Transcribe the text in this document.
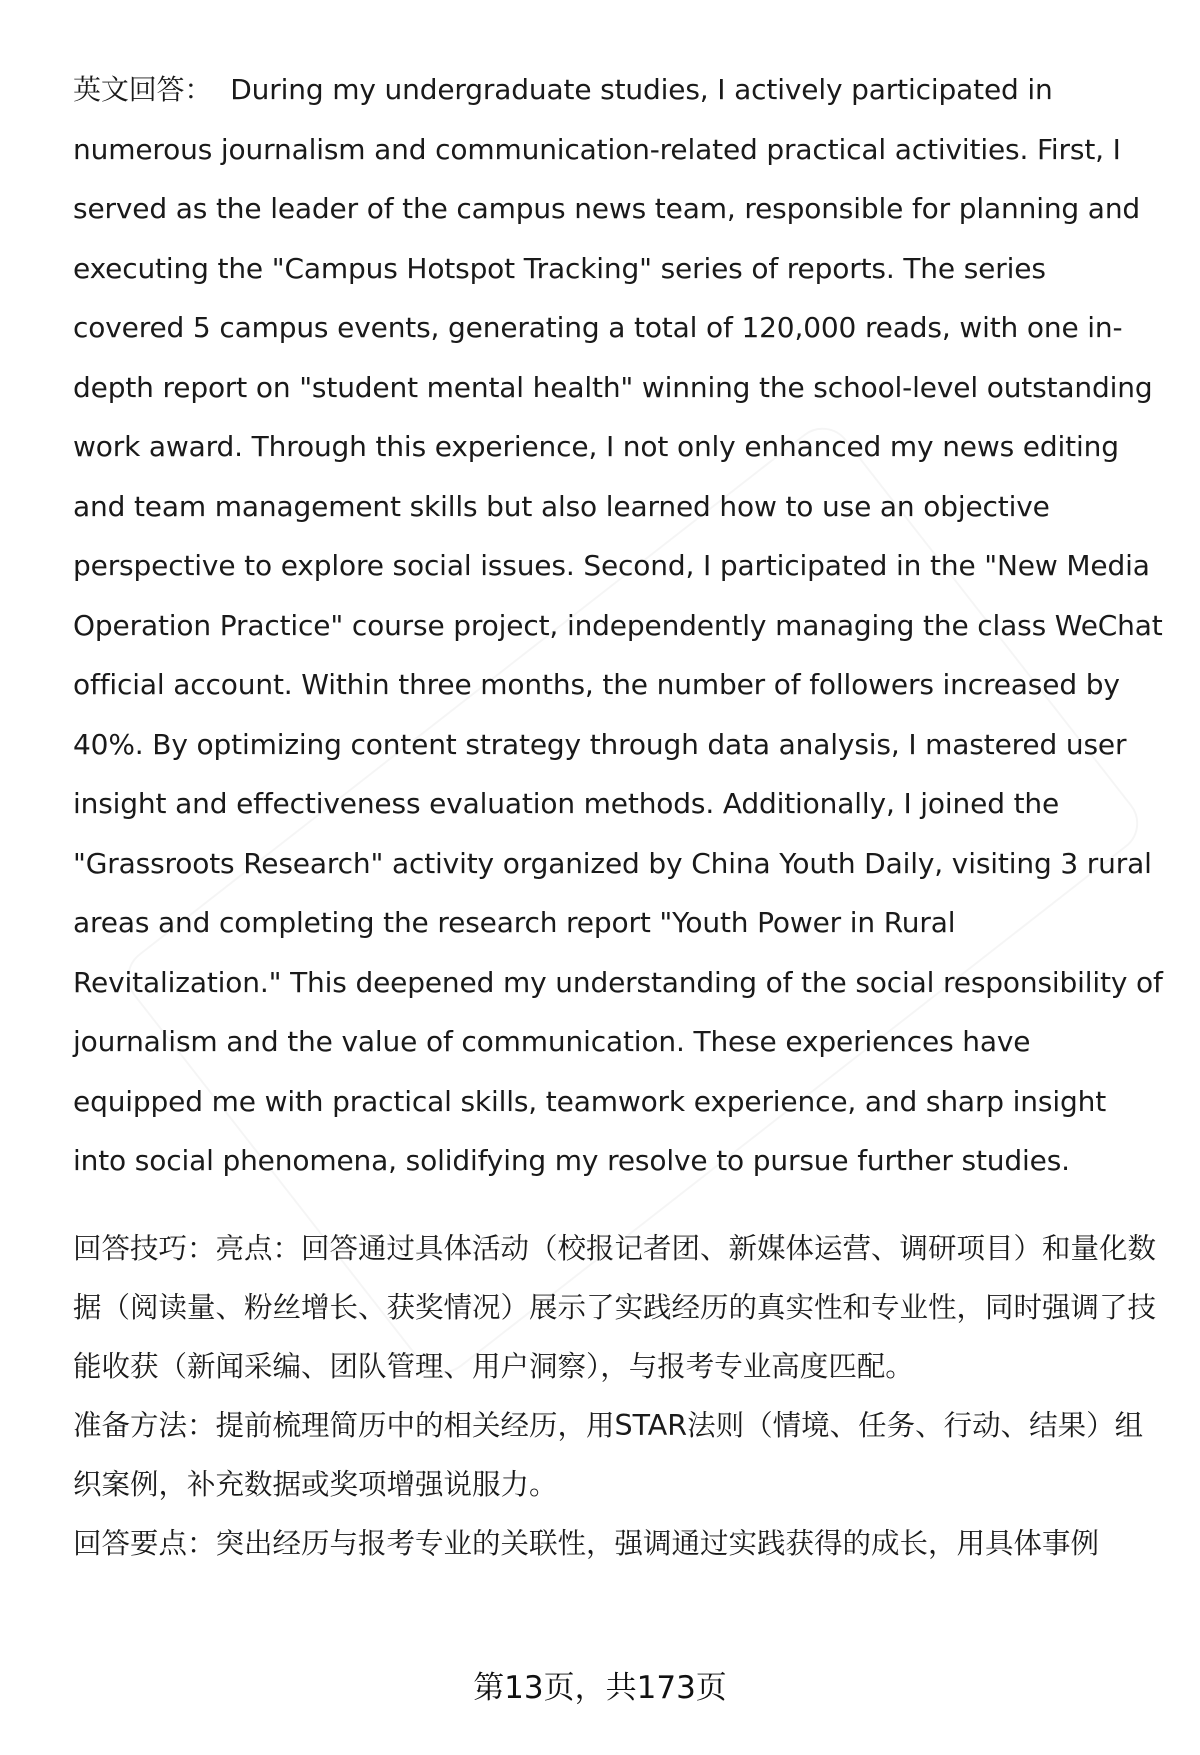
英文回答： During my undergraduate studies, I actively participated in numerous journalism and communication-related practical activities. First, I served as the leader of the campus news team, responsible for planning and executing the "Campus Hotspot Tracking" series of reports. The series covered 5 campus events, generating a total of 120,000 reads, with one in-depth report on "student mental health" winning the school-level outstanding work award. Through this experience, I not only enhanced my news editing and team management skills but also learned how to use an objective perspective to explore social issues. Second, I participated in the "New Media Operation Practice" course project, independently managing the class WeChat official account. Within three months, the number of followers increased by 40%. By optimizing content strategy through data analysis, I mastered user insight and effectiveness evaluation methods. Additionally, I joined the "Grassroots Research" activity organized by China Youth Daily, visiting 3 rural areas and completing the research report "Youth Power in Rural Revitalization." This deepened my understanding of the social responsibility of journalism and the value of communication. These experiences have equipped me with practical skills, teamwork experience, and sharp insight into social phenomena, solidifying my resolve to pursue further studies.

回答技巧：亮点：回答通过具体活动（校报记者团、新媒体运营、调研项目）和量化数据（阅读量、粉丝增长、获奖情况）展示了实践经历的真实性和专业性，同时强调了技能收获（新闻采编、团队管理、用户洞察），与报考专业高度匹配。

准备方法：提前梳理简历中的相关经历，用STAR法则（情境、任务、行动、结果）组织案例，补充数据或奖项增强说服力。

回答要点：突出经历与报考专业的关联性，强调通过实践获得的成长，用具体事例

第13页，共173页
